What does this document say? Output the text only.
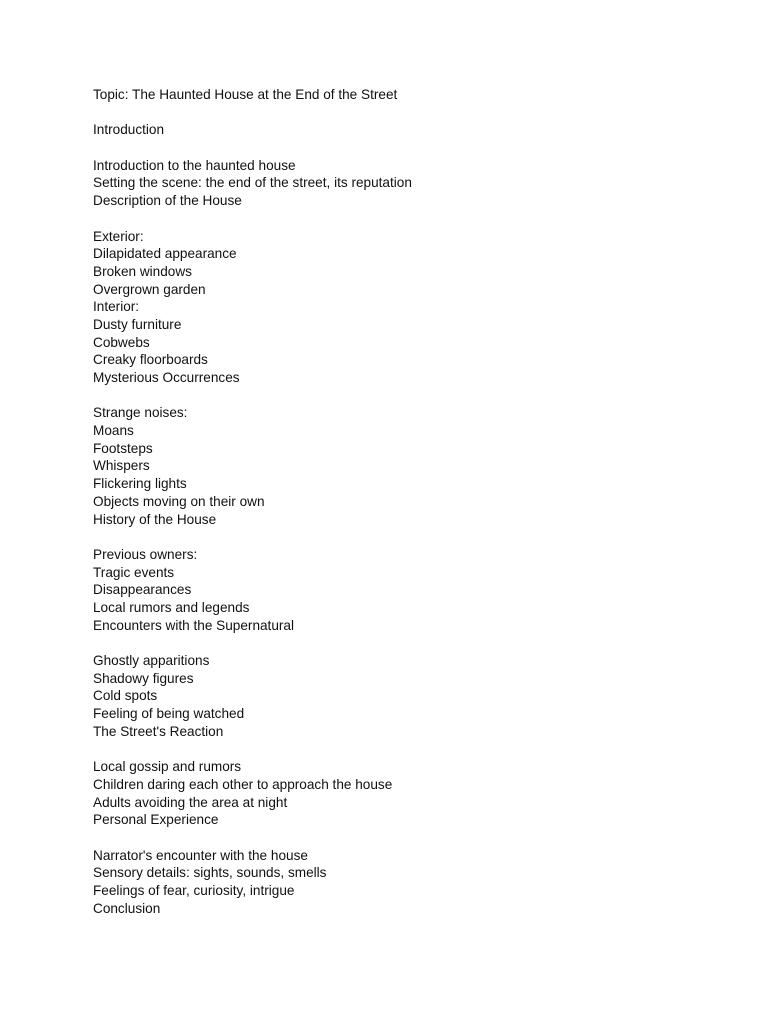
Topic: The Haunted House at the End of the Street
Introduction
Introduction to the haunted house
Setting the scene: the end of the street, its reputation
Description of the House
Exterior:
Dilapidated appearance
Broken windows
Overgrown garden
Interior:
Dusty furniture
Cobwebs
Creaky floorboards
Mysterious Occurrences
Strange noises:
Moans
Footsteps
Whispers
Flickering lights
Objects moving on their own
History of the House
Previous owners:
Tragic events
Disappearances
Local rumors and legends
Encounters with the Supernatural
Ghostly apparitions
Shadowy figures
Cold spots
Feeling of being watched
The Street's Reaction
Local gossip and rumors
Children daring each other to approach the house
Adults avoiding the area at night
Personal Experience
Narrator's encounter with the house
Sensory details: sights, sounds, smells
Feelings of fear, curiosity, intrigue
Conclusion
